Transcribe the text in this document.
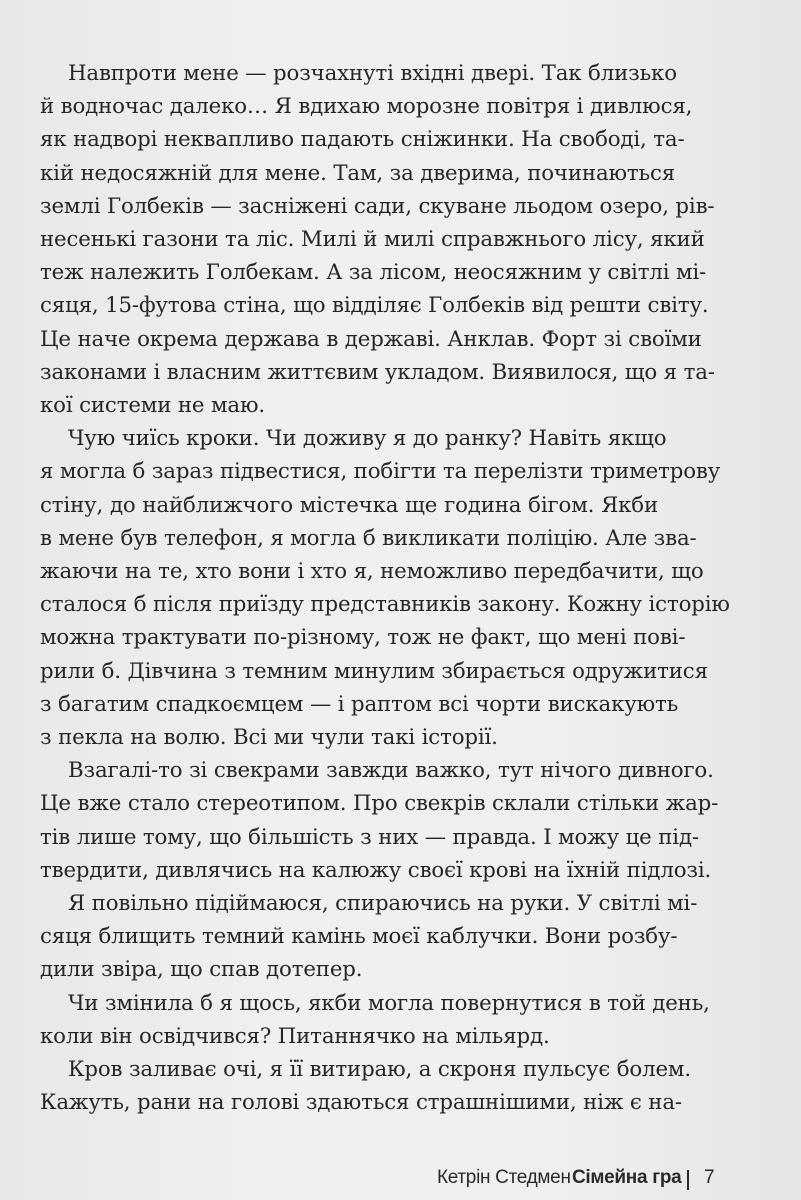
Навпроти мене — розчахнуті вхідні двері. Так близько
й водночас далеко… Я вдихаю морозне повітря і дивлюся,
як надворі неквапливо падають сніжинки. На свободі, та-
кій недосяжній для мене. Там, за дверима, починаються
землі Голбеків — засніжені сади, скуване льодом озеро, рів-
несенькі газони та ліс. Милі й милі справжнього лісу, який
теж належить Голбекам. А за лісом, неосяжним у світлі мі-
сяця, 15-футова стіна, що відділяє Голбеків від решти світу.
Це наче окрема держава в державі. Анклав. Форт зі своїми
законами і власним життєвим укладом. Виявилося, що я та-
кої системи не маю.
Чую чиїсь кроки. Чи доживу я до ранку? Навіть якщо
я могла б зараз підвестися, побігти та перелізти триметрову
стіну, до найближчого містечка ще година бігом. Якби
в мене був телефон, я могла б викликати поліцію. Але зва-
жаючи на те, хто вони і хто я, неможливо передбачити, що
сталося б після приїзду представників закону. Кожну історію
можна трактувати по-різному, тож не факт, що мені пові-
рили б. Дівчина з темним минулим збирається одружитися
з багатим спадкоємцем — і раптом всі чорти вискакують
з пекла на волю. Всі ми чули такі історії.
Взагалі-то зі свекрами завжди важко, тут нічого дивного.
Це вже стало стереотипом. Про свекрів склали стільки жар-
тів лише тому, що більшість з них — правда. І можу це під-
твердити, дивлячись на калюжу своєї крові на їхній підлозі.
Я повільно підіймаюся, спираючись на руки. У світлі мі-
сяця блищить темний камінь моєї каблучки. Вони розбу-
дили звіра, що спав дотепер.
Чи змінила б я щось, якби могла повернутися в той день,
коли він освідчився? Питаннячко на мільярд.
Кров заливає очі, я її витираю, а скроня пульсує болем.
Кажуть, рани на голові здаються страшнішими, ніж є на-
Кетрін Стедмен Сімейна гра 7
